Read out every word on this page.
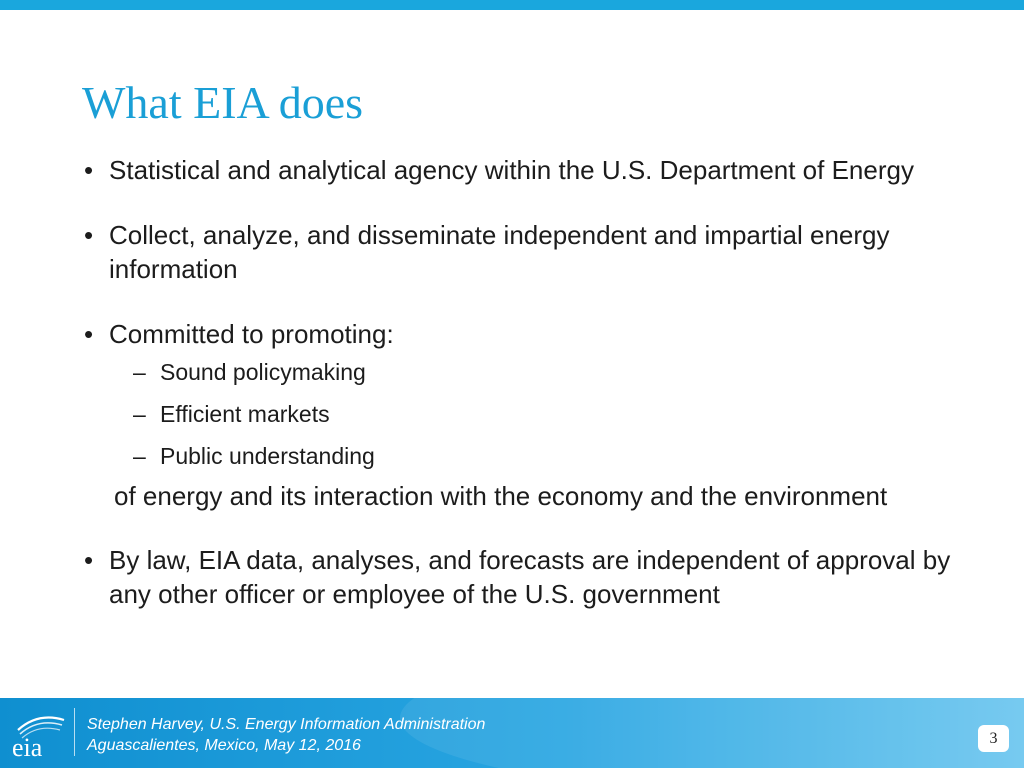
What EIA does
• Statistical and analytical agency within the U.S. Department of Energy
• Collect, analyze, and disseminate independent and impartial energy information
• Committed to promoting:
– Sound policymaking
– Efficient markets
– Public understanding
of energy and its interaction with the economy and the environment
• By law, EIA data, analyses, and forecasts are independent of approval by any other officer or employee of the U.S. government
eia
Stephen Harvey, U.S. Energy Information Administration
Aguascalientes, Mexico, May 12, 2016	3
